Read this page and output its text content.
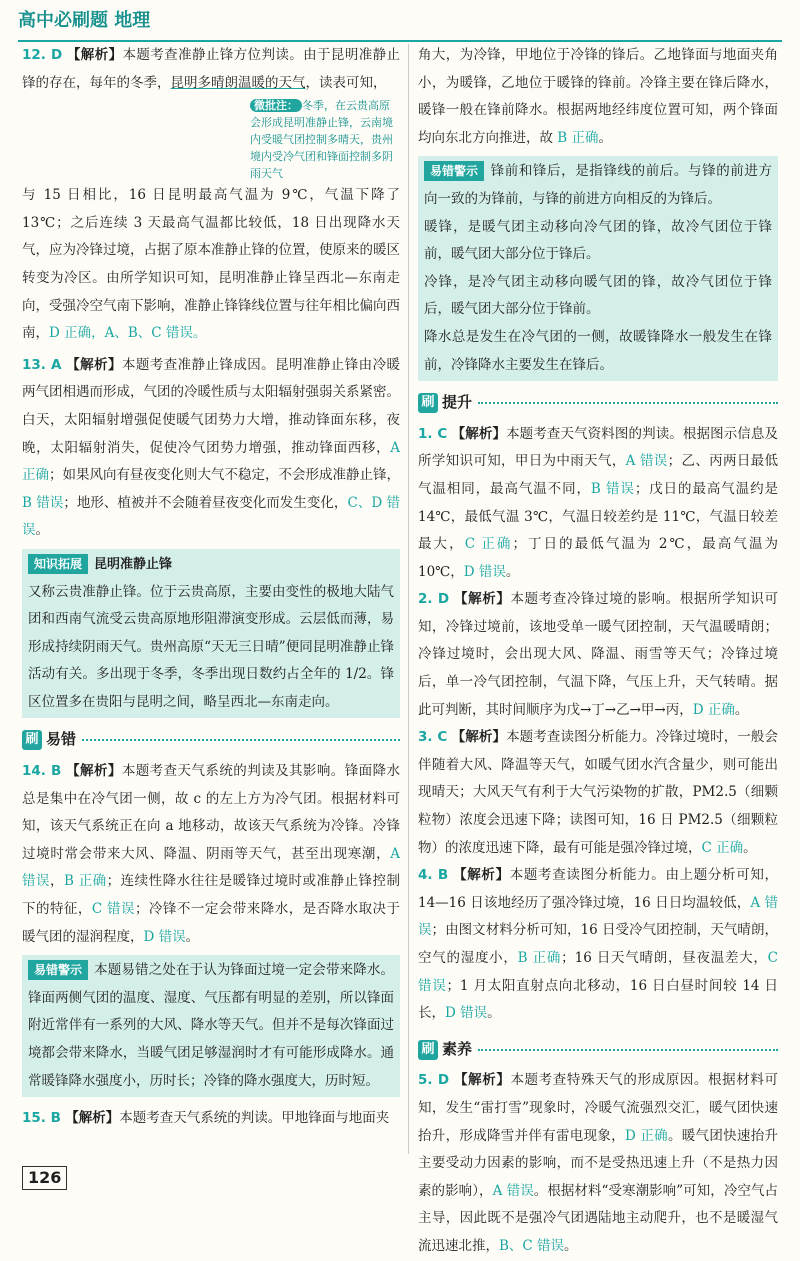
高中必刷题 地理

12. D 【解析】本题考查准静止锋方位判读。由于昆明准静止锋的存在，每年的冬季，昆明多晴朗温暖的天气，读表可知，

微批注： 冬季，在云贵高原会形成昆明准静止锋，云南境内受暖气团控制多晴天，贵州境内受冷气团和锋面控制多阴雨天气

与 15 日相比，16 日昆明最高气温为 9℃，气温下降了 13℃；之后连续 3 天最高气温都比较低，18 日出现降水天气，应为冷锋过境，占据了原本准静止锋的位置，使原来的暖区转变为冷区。由所学知识可知，昆明准静止锋呈西北—东南走向，受强冷空气南下影响，准静止锋锋线位置与往年相比偏向西南，D 正确，A、B、C 错误。

13. A 【解析】本题考查准静止锋成因。昆明准静止锋由冷暖两气团相遇而形成，气团的冷暖性质与太阳辐射强弱关系紧密。白天，太阳辐射增强促使暖气团势力大增，推动锋面东移，夜晚，太阳辐射消失，促使冷气团势力增强，推动锋面西移，A 正确；如果风向有昼夜变化则大气不稳定，不会形成准静止锋，B 错误；地形、植被并不会随着昼夜变化而发生变化，C、D 错误。

知识拓展 昆明准静止锋

又称云贵准静止锋。位于云贵高原，主要由变性的极地大陆气团和西南气流受云贵高原地形阻滞演变形成。云层低而薄，易形成持续阴雨天气。贵州高原“天无三日晴”便同昆明准静止锋活动有关。多出现于冬季，冬季出现日数约占全年的 1/2。锋区位置多在贵阳与昆明之间，略呈西北—东南走向。

刷 易错

14. B 【解析】本题考查天气系统的判读及其影响。锋面降水总是集中在冷气团一侧，故 c 的左上方为冷气团。根据材料可知，该天气系统正在向 a 地移动，故该天气系统为冷锋。冷锋过境时常会带来大风、降温、阴雨等天气，甚至出现寒潮，A 错误，B 正确；连续性降水往往是暖锋过境时或准静止锋控制下的特征，C 错误；冷锋不一定会带来降水，是否降水取决于暖气团的湿润程度，D 错误。

易错警示 本题易错之处在于认为锋面过境一定会带来降水。锋面两侧气团的温度、湿度、气压都有明显的差别，所以锋面附近常伴有一系列的大风、降水等天气。但并不是每次锋面过境都会带来降水，当暖气团足够湿润时才有可能形成降水。通常暖锋降水强度小，历时长；冷锋的降水强度大，历时短。

15. B 【解析】本题考查天气系统的判读。甲地锋面与地面夹

角大，为冷锋，甲地位于冷锋的锋后。乙地锋面与地面夹角小，为暖锋，乙地位于暖锋的锋前。冷锋主要在锋后降水，暖锋一般在锋前降水。根据两地经纬度位置可知，两个锋面均向东北方向推进，故 B 正确。

易错警示 锋前和锋后，是指锋线的前后。与锋的前进方向一致的为锋前，与锋的前进方向相反的为锋后。

暖锋，是暖气团主动移向冷气团的锋，故冷气团位于锋前，暖气团大部分位于锋后。

冷锋，是冷气团主动移向暖气团的锋，故冷气团位于锋后，暖气团大部分位于锋前。

降水总是发生在冷气团的一侧，故暖锋降水一般发生在锋前，冷锋降水主要发生在锋后。

刷 提升

1. C 【解析】本题考查天气资料图的判读。根据图示信息及所学知识可知，甲日为中雨天气，A 错误；乙、丙两日最低气温相同，最高气温不同，B 错误；戊日的最高气温约是 14℃，最低气温 3℃，气温日较差约是 11℃，气温日较差最大，C 正确；丁日的最低气温为 2℃，最高气温为 10℃，D 错误。

2. D 【解析】本题考查冷锋过境的影响。根据所学知识可知，冷锋过境前，该地受单一暖气团控制，天气温暖晴朗；冷锋过境时，会出现大风、降温、雨雪等天气；冷锋过境后，单一冷气团控制，气温下降，气压上升，天气转晴。据此可判断，其时间顺序为戊→丁→乙→甲→丙，D 正确。

3. C 【解析】本题考查读图分析能力。冷锋过境时，一般会伴随着大风、降温等天气，如暖气团水汽含量少，则可能出现晴天；大风天气有利于大气污染物的扩散，PM2.5（细颗粒物）浓度会迅速下降；读图可知，16 日 PM2.5（细颗粒物）的浓度迅速下降，最有可能是强冷锋过境，C 正确。

4. B 【解析】本题考查读图分析能力。由上题分析可知，14—16 日该地经历了强冷锋过境，16 日日均温较低，A 错误；由图文材料分析可知，16 日受冷气团控制，天气晴朗，空气的湿度小，B 正确；16 日天气晴朗，昼夜温差大，C 错误；1 月太阳直射点向北移动，16 日白昼时间较 14 日长，D 错误。

刷 素养

5. D 【解析】本题考查特殊天气的形成原因。根据材料可知，发生“雷打雪”现象时，冷暖气流强烈交汇，暖气团快速抬升，形成降雪并伴有雷电现象，D 正确。暖气团快速抬升主要受动力因素的影响，而不是受热迅速上升（不是热力因素的影响），A 错误。根据材料“受寒潮影响”可知，冷空气占主导，因此既不是强冷气团遇陆地主动爬升，也不是暖湿气流迅速北推，B、C 错误。

126
